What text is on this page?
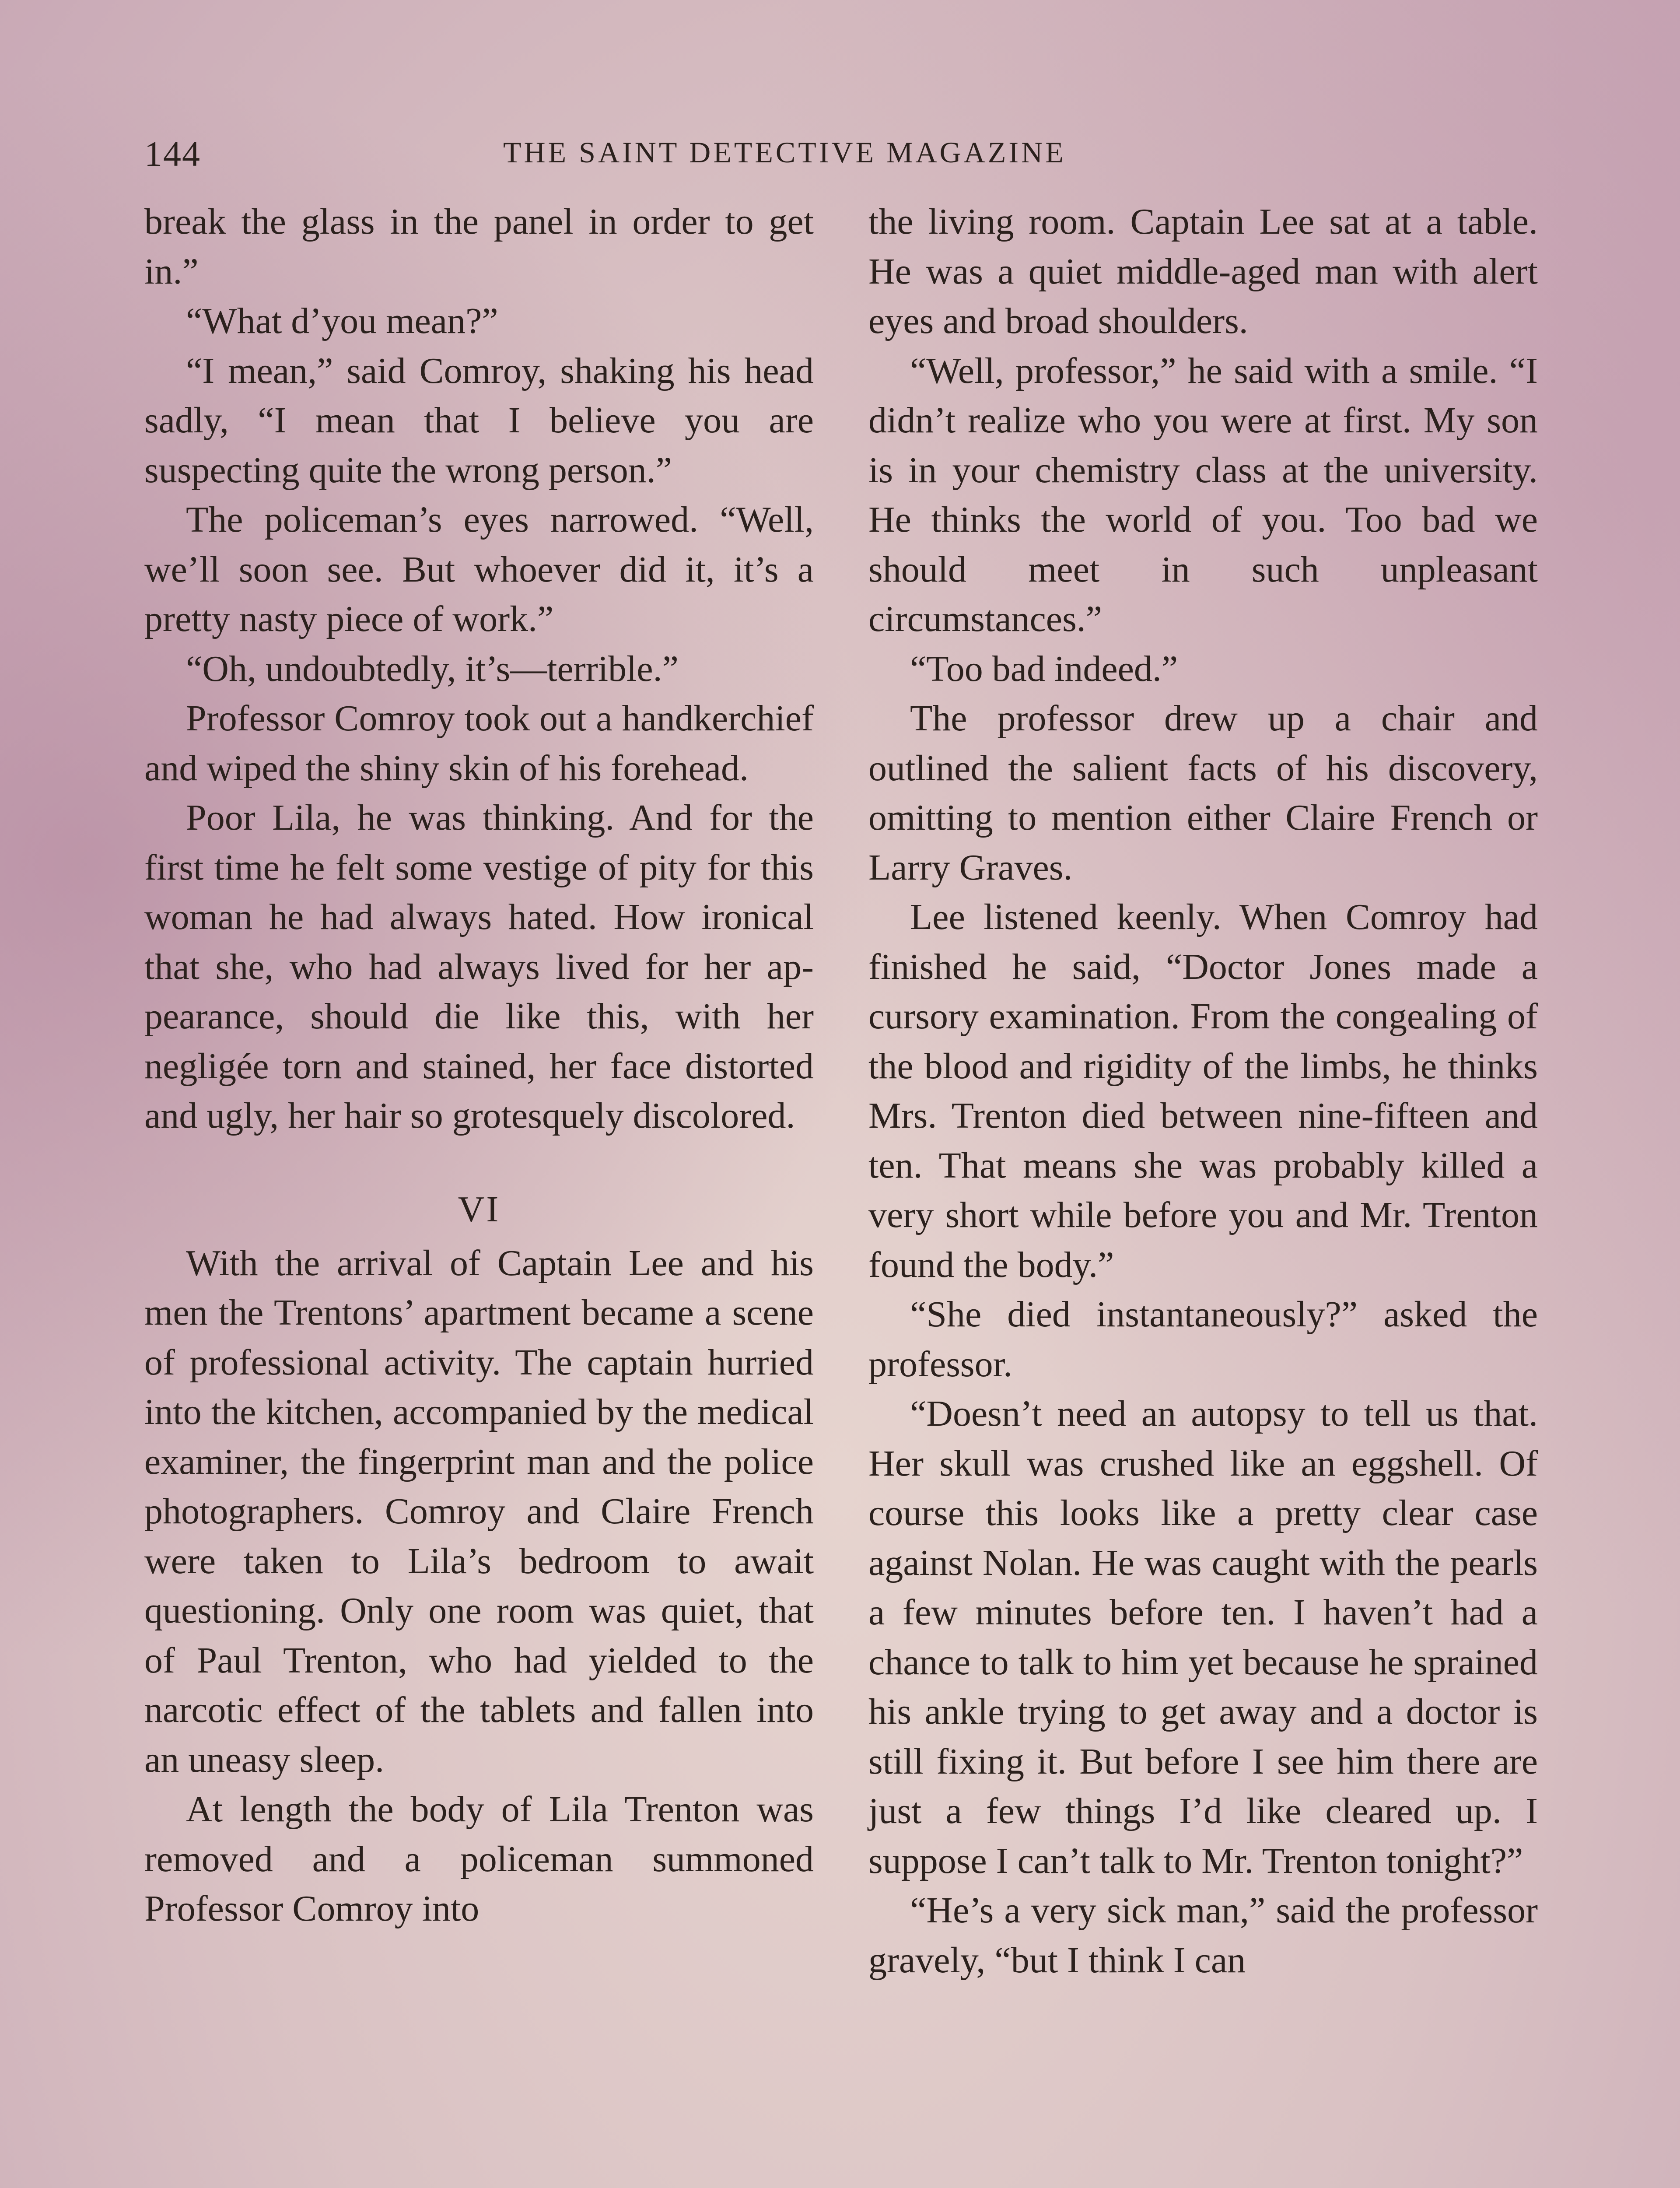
144	THE SAINT DETECTIVE MAGAZINE

break the glass in the panel in order to get in.”

“What d’you mean?”

“I mean,” said Comroy, shaking his head sadly, “I mean that I believe you are suspecting quite the wrong person.”

The policeman’s eyes narrowed. “Well, we’ll soon see. But whoever did it, it’s a pretty nasty piece of work.”

“Oh, undoubtedly, it’s—terrible.”

Professor Comroy took out a handkerchief and wiped the shiny skin of his forehead.

Poor Lila, he was thinking. And for the first time he felt some vestige of pity for this woman he had always hated. How ironical that she, who had always lived for her appearance, should die like this, with her negligée torn and stained, her face distorted and ugly, her hair so grotesquely discolored.

VI

With the arrival of Captain Lee and his men the Trentons’ apartment became a scene of professional activity. The captain hurried into the kitchen, accompanied by the medical examiner, the fingerprint man and the police photographers. Comroy and Claire French were taken to Lila’s bedroom to await questioning. Only one room was quiet, that of Paul Trenton, who had yielded to the narcotic effect of the tablets and fallen into an uneasy sleep.

At length the body of Lila Trenton was removed and a policeman summoned Professor Comroy into

the living room. Captain Lee sat at a table. He was a quiet middle-aged man with alert eyes and broad shoulders.

“Well, professor,” he said with a smile. “I didn’t realize who you were at first. My son is in your chemistry class at the university. He thinks the world of you. Too bad we should meet in such unpleasant circumstances.”

“Too bad indeed.”

The professor drew up a chair and outlined the salient facts of his discovery, omitting to mention either Claire French or Larry Graves.

Lee listened keenly. When Comroy had finished he said, “Doctor Jones made a cursory examination. From the congealing of the blood and rigidity of the limbs, he thinks Mrs. Trenton died between nine-fifteen and ten. That means she was probably killed a very short while before you and Mr. Trenton found the body.”

“She died instantaneously?” asked the professor.

“Doesn’t need an autopsy to tell us that. Her skull was crushed like an eggshell. Of course this looks like a pretty clear case against Nolan. He was caught with the pearls a few minutes before ten. I haven’t had a chance to talk to him yet because he sprained his ankle trying to get away and a doctor is still fixing it. But before I see him there are just a few things I’d like cleared up. I suppose I can’t talk to Mr. Trenton tonight?”

“He’s a very sick man,” said the professor gravely, “but I think I can
